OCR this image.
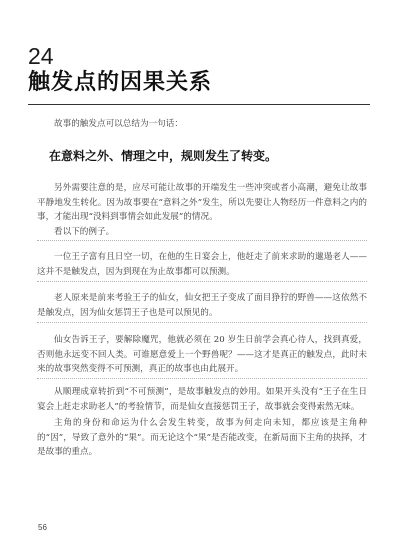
24
触发点的因果关系

故事的触发点可以总结为一句话：

在意料之外、情理之中，规则发生了转变。

另外需要注意的是，应尽可能让故事的开端发生一些冲突或者小高潮，避免让故事平静地发生转化。因为故事要在“意料之外”发生，所以先要让人物经历一件意料之内的事，才能出现“没料到事情会如此发展”的情况。

看以下的例子。

一位王子富有且日空一切，在他的生日宴会上，他赶走了前来求助的邋遢老人——这并不是触发点，因为到现在为止故事都可以预测。

老人原来是前来考验王子的仙女，仙女把王子变成了面目狰狞的野兽——这依然不是触发点，因为仙女惩罚王子也是可以预见的。

仙女告诉王子，要解除魔咒，他就必须在 20 岁生日前学会真心待人，找到真爱，否则他永远变不回人类。可谁愿意爱上一个野兽呢？——这才是真正的触发点，此时未来的故事突然变得不可预测，真正的故事也由此展开。

从顺理成章转折到“不可预测”，是故事触发点的妙用。如果开头没有“王子在生日宴会上赶走求助老人”的考验情节，而是仙女直接惩罚王子，故事就会变得索然无味。

主角的身份和命运为什么会发生转变，故事为何走向未知，都应该是主角种的“因”，导致了意外的“果”。而无论这个“果”是否能改变，在新局面下主角的抉择，才是故事的重点。

56
